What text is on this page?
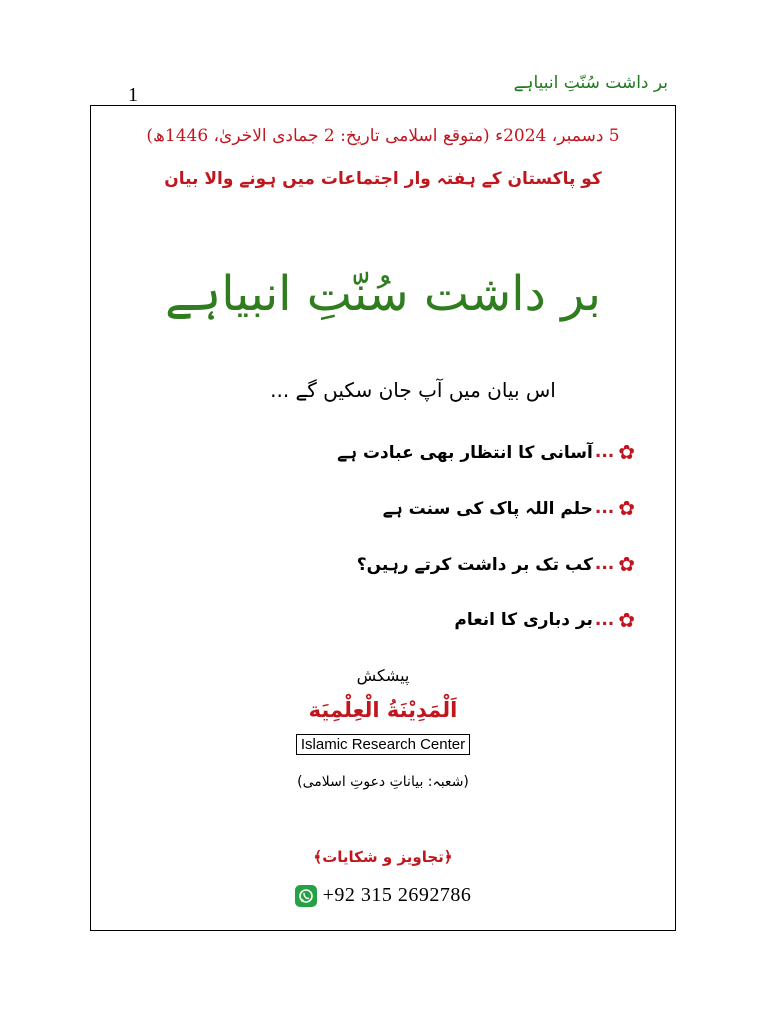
بر داشت سُنّتِ انبیاہے
1
5 دسمبر، 2024ء (متوقع اسلامی تاریخ: 2 جمادی الاخریٰ، 1446ھ)
کو پاکستان کے ہفتہ وار اجتماعات میں ہونے والا بیان
بر داشت سُنّتِ انبیاہے
اس بیان میں آپ جان سکیں گے ...
✿
...
آسانی کا انتظار بھی عبادت ہے
✿
...
حلم اللہ پاک کی سنت ہے
✿
...
کب تک بر داشت کرتے رہیں؟
✿
...
بر دباری کا انعام
پیشکش
اَلْمَدِيْنَةُ الْعِلْمِيَة
Islamic Research Center
(شعبہ: بیاناتِ دعوتِ اسلامی)
﴿تجاویز و شکایات﴾
+92 315 2692786
